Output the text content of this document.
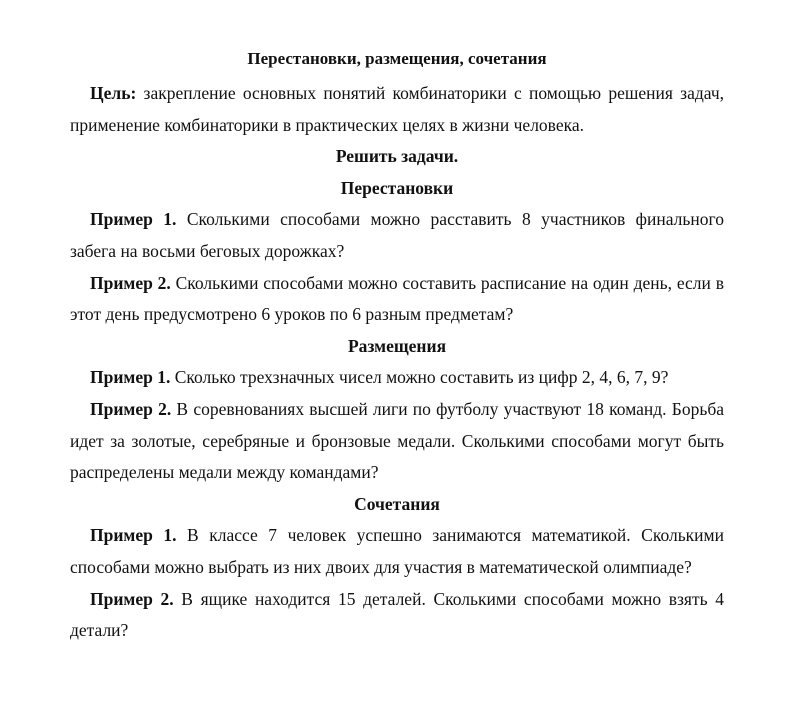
Перестановки, размещения, сочетания

Цель: закрепление основных понятий комбинаторики с помощью решения задач, применение комбинаторики в практических целях в жизни человека.

Решить задачи.
Перестановки

Пример 1. Сколькими способами можно расставить 8 участников финального забега на восьми беговых дорожках?

Пример 2. Сколькими способами можно составить расписание на один день, если в этот день предусмотрено 6 уроков по 6 разным предметам?

Размещения

Пример 1. Сколько трехзначных чисел можно составить из цифр 2, 4, 6, 7, 9?

Пример 2. В соревнованиях высшей лиги по футболу участвуют 18 команд. Борьба идет за золотые, серебряные и бронзовые медали. Сколькими способами могут быть распределены медали между командами?

Сочетания

Пример 1. В классе 7 человек успешно занимаются математикой. Сколькими способами можно выбрать из них двоих для участия в математической олимпиаде?

Пример 2. В ящике находится 15 деталей. Сколькими способами можно взять 4 детали?
